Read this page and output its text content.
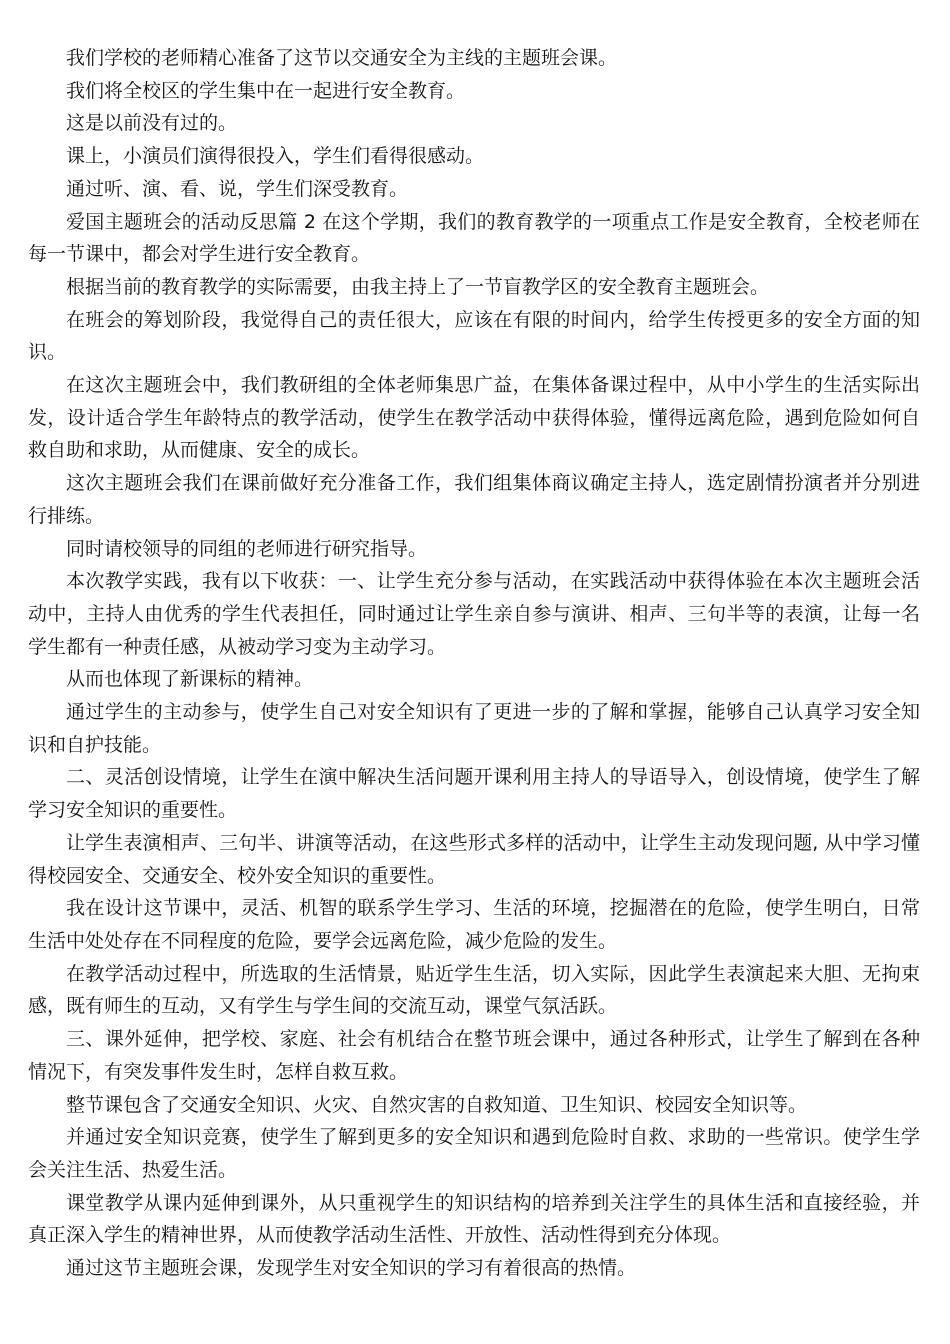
我们学校的老师精心准备了这节以交通安全为主线的主题班会课。

我们将全校区的学生集中在一起进行安全教育。

这是以前没有过的。

课上，小演员们演得很投入，学生们看得很感动。

通过听、演、看、说，学生们深受教育。

爱国主题班会的活动反思篇 2 在这个学期，我们的教育教学的一项重点工作是安全教育，全校老师在每一节课中，都会对学生进行安全教育。

根据当前的教育教学的实际需要，由我主持上了一节盲教学区的安全教育主题班会。

在班会的筹划阶段，我觉得自己的责任很大，应该在有限的时间内，给学生传授更多的安全方面的知识。

在这次主题班会中，我们教研组的全体老师集思广益，在集体备课过程中，从中小学生的生活实际出发，设计适合学生年龄特点的教学活动，使学生在教学活动中获得体验，懂得远离危险，遇到危险如何自救自助和求助，从而健康、安全的成长。

这次主题班会我们在课前做好充分准备工作，我们组集体商议确定主持人，选定剧情扮演者并分别进行排练。

同时请校领导的同组的老师进行研究指导。

本次教学实践，我有以下收获：一、让学生充分参与活动，在实践活动中获得体验在本次主题班会活动中，主持人由优秀的学生代表担任，同时通过让学生亲自参与演讲、相声、三句半等的表演，让每一名学生都有一种责任感，从被动学习变为主动学习。

从而也体现了新课标的精神。

通过学生的主动参与，使学生自己对安全知识有了更进一步的了解和掌握，能够自己认真学习安全知识和自护技能。

二、灵活创设情境，让学生在演中解决生活问题开课利用主持人的导语导入，创设情境，使学生了解学习安全知识的重要性。

让学生表演相声、三句半、讲演等活动，在这些形式多样的活动中，让学生主动发现问题, 从中学习懂得校园安全、交通安全、校外安全知识的重要性。

我在设计这节课中，灵活、机智的联系学生学习、生活的环境，挖掘潜在的危险，使学生明白，日常生活中处处存在不同程度的危险，要学会远离危险，减少危险的发生。

在教学活动过程中，所选取的生活情景，贴近学生生活，切入实际，因此学生表演起来大胆、无拘束感，既有师生的互动，又有学生与学生间的交流互动，课堂气氛活跃。

三、课外延伸，把学校、家庭、社会有机结合在整节班会课中，通过各种形式，让学生了解到在各种情况下，有突发事件发生时，怎样自救互救。

整节课包含了交通安全知识、火灾、自然灾害的自救知道、卫生知识、校园安全知识等。

并通过安全知识竞赛，使学生了解到更多的安全知识和遇到危险时自救、求助的一些常识。使学生学会关注生活、热爱生活。

课堂教学从课内延伸到课外，从只重视学生的知识结构的培养到关注学生的具体生活和直接经验，并真正深入学生的精神世界，从而使教学活动生活性、开放性、活动性得到充分体现。

通过这节主题班会课，发现学生对安全知识的学习有着很高的热情。
